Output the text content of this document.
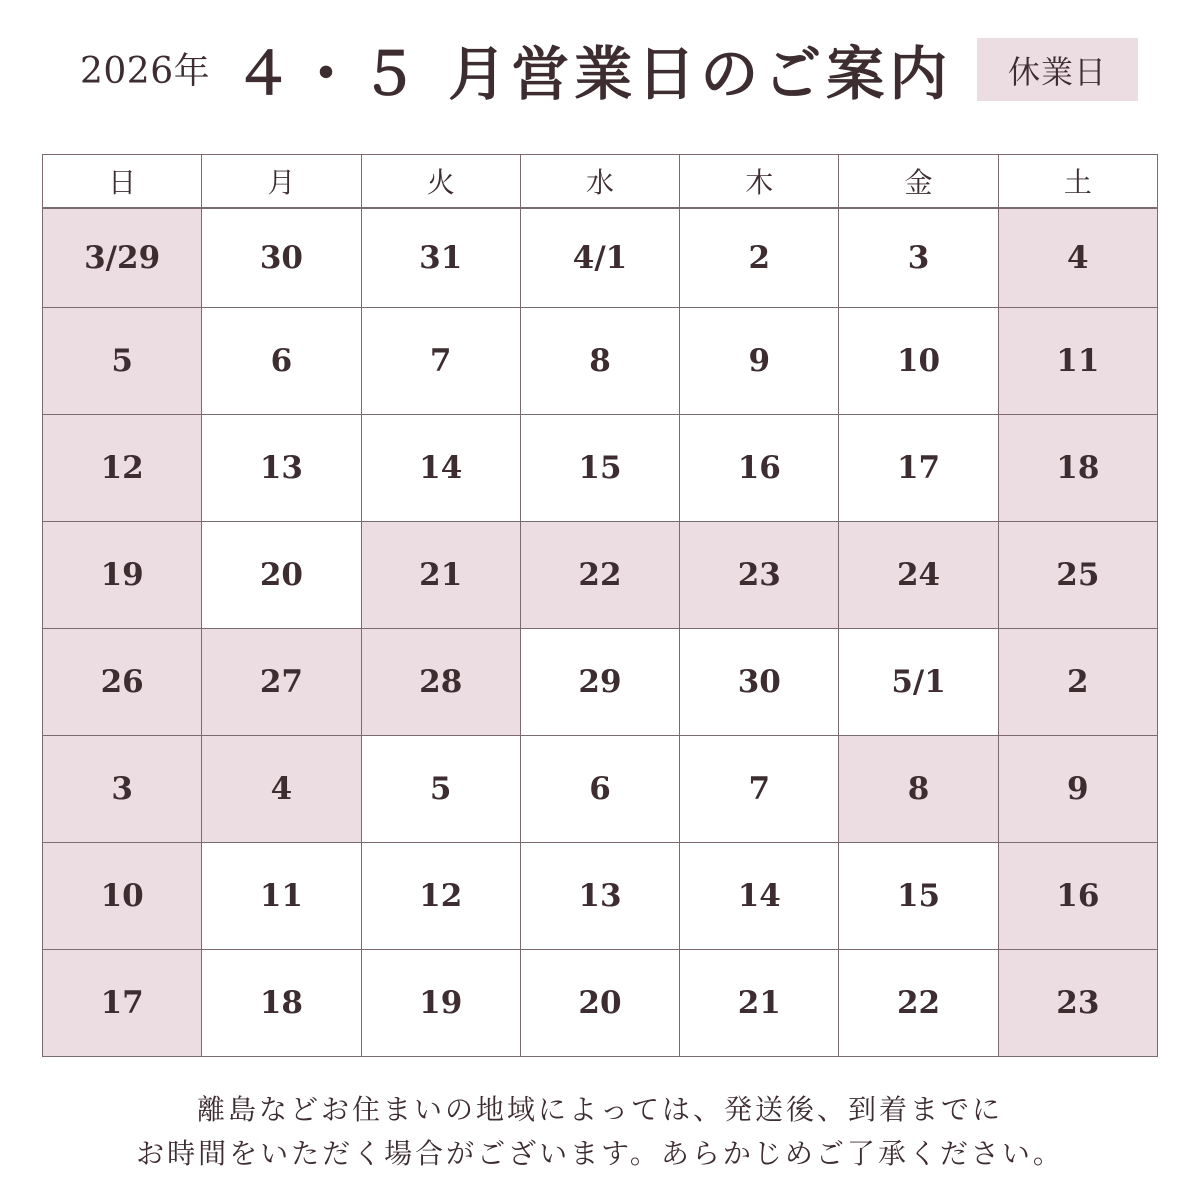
2026年 ４・５ 月営業日のご案内 休業日
日	月	火	水	木	金	土
3/29	30	31	4/1	2	3	4
5	6	7	8	9	10	11
12	13	14	15	16	17	18
19	20	21	22	23	24	25
26	27	28	29	30	5/1	2
3	4	5	6	7	8	9
10	11	12	13	14	15	16
17	18	19	20	21	22	23
離島などお住まいの地域によっては、発送後、到着までに
お時間をいただく場合がございます。あらかじめご了承ください。
